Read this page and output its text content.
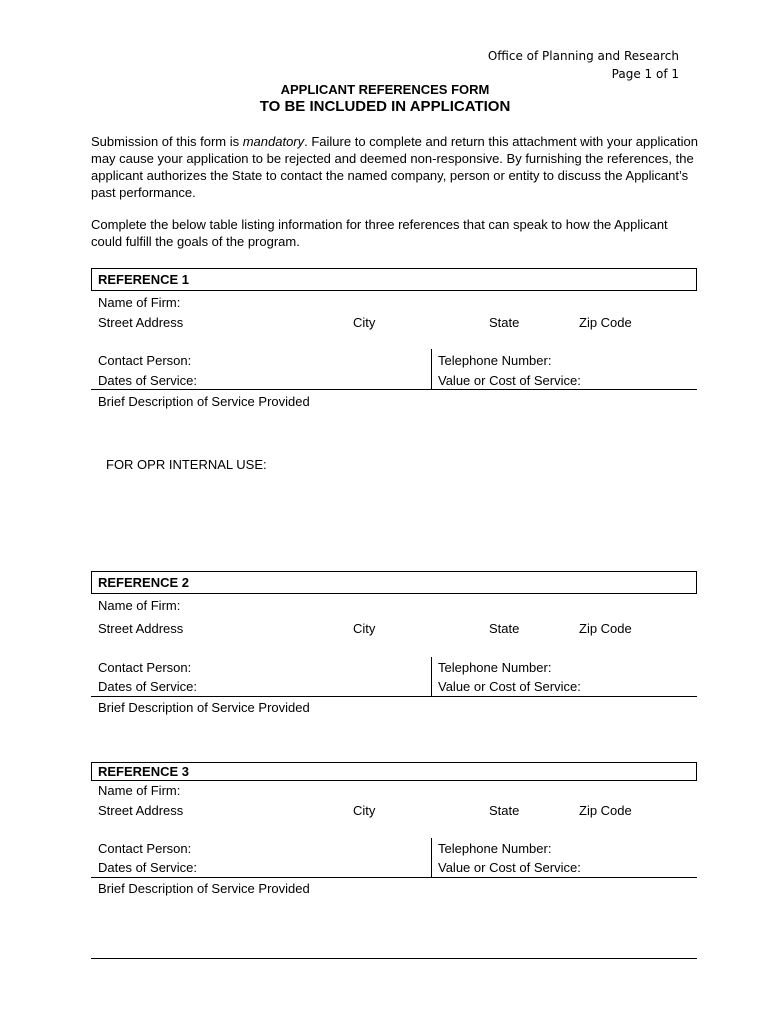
Office of Planning and Research
Page 1 of 1
APPLICANT REFERENCES FORM
TO BE INCLUDED IN APPLICATION
Submission of this form is mandatory. Failure to complete and return this attachment with your application may cause your application to be rejected and deemed non-responsive. By furnishing the references, the applicant authorizes the State to contact the named company, person or entity to discuss the Applicant’s past performance.
Complete the below table listing information for three references that can speak to how the Applicant could fulfill the goals of the program.
REFERENCE 1
Name of Firm:
Street Address	City	State	Zip Code
Contact Person:	Telephone Number:
Dates of Service:	Value or Cost of Service:
Brief Description of Service Provided
FOR OPR INTERNAL USE:
REFERENCE 2
Name of Firm:
Street Address	City	State	Zip Code
Contact Person:	Telephone Number:
Dates of Service:	Value or Cost of Service:
Brief Description of Service Provided
REFERENCE 3
Name of Firm:
Street Address	City	State	Zip Code
Contact Person:	Telephone Number:
Dates of Service:	Value or Cost of Service:
Brief Description of Service Provided
